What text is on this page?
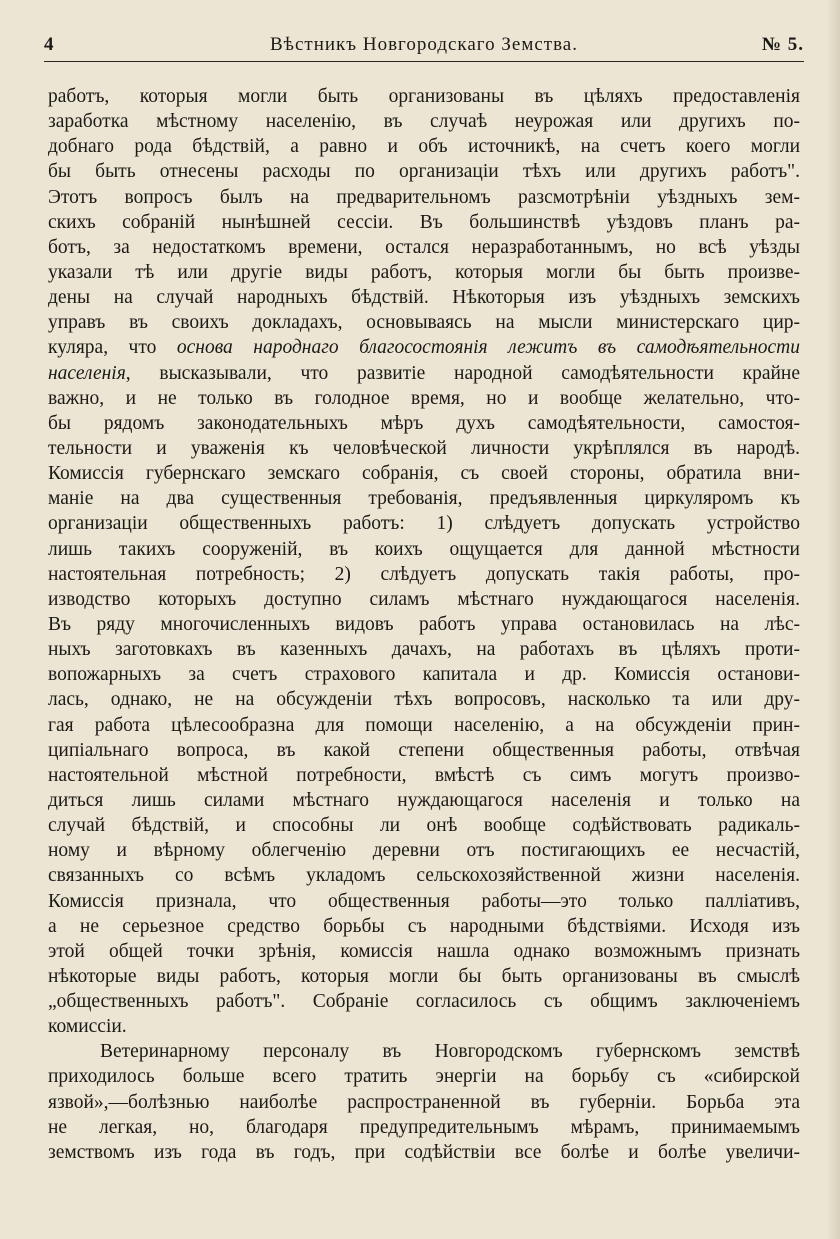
4	Вѣстникъ Новгородскаго Земства.	№ 5.
работъ, которыя могли быть организованы въ цѣляхъ предоставленія
заработка мѣстному населенію, въ случаѣ неурожая или другихъ по-
добнаго рода бѣдствій, а равно и объ источникѣ, на счетъ коего могли
бы быть отнесены расходы по организаціи тѣхъ или другихъ работъ".
Этотъ вопросъ былъ на предварительномъ разсмотрѣніи уѣздныхъ зем-
скихъ собраній нынѣшней сессіи. Въ большинствѣ уѣздовъ планъ ра-
ботъ, за недостаткомъ времени, остался неразработаннымъ, но всѣ уѣзды
указали тѣ или другіе виды работъ, которыя могли бы быть произве-
дены на случай народныхъ бѣдствій. Нѣкоторыя изъ уѣздныхъ земскихъ
управъ въ своихъ докладахъ, основываясь на мысли министерскаго цир-
куляра, что основа народнаго благосостоянія лежитъ въ самодѣятельности
населенія, высказывали, что развитіе народной самодѣятельности крайне
важно, и не только въ голодное время, но и вообще желательно, что-
бы рядомъ законодательныхъ мѣръ духъ самодѣятельности, самостоя-
тельности и уваженія къ человѣческой личности укрѣплялся въ народѣ.
Комиссія губернскаго земскаго собранія, съ своей стороны, обратила вни-
маніе на два существенныя требованія, предъявленныя циркуляромъ къ
организаціи общественныхъ работъ: 1) слѣдуетъ допускать устройство
лишь такихъ сооруженій, въ коихъ ощущается для данной мѣстности
настоятельная потребность; 2) слѣдуетъ допускать такія работы, про-
изводство которыхъ доступно силамъ мѣстнаго нуждающагося населенія.
Въ ряду многочисленныхъ видовъ работъ управа остановилась на лѣс-
ныхъ заготовкахъ въ казенныхъ дачахъ, на работахъ въ цѣляхъ проти-
вопожарныхъ за счетъ страхового капитала и др. Комиссія останови-
лась, однако, не на обсужденіи тѣхъ вопросовъ, насколько та или дру-
гая работа цѣлесообразна для помощи населенію, а на обсужденіи прин-
ципіальнаго вопроса, въ какой степени общественныя работы, отвѣчая
настоятельной мѣстной потребности, вмѣстѣ съ симъ могутъ произво-
диться лишь силами мѣстнаго нуждающагося населенія и только на
случай бѣдствій, и способны ли онѣ вообще содѣйствовать радикаль-
ному и вѣрному облегченію деревни отъ постигающихъ ее несчастій,
связанныхъ со всѣмъ укладомъ сельскохозяйственной жизни населенія.
Комиссія признала, что общественныя работы—это только палліативъ,
а не серьезное средство борьбы съ народными бѣдствіями. Исходя изъ
этой общей точки зрѣнія, комиссія нашла однако возможнымъ признать
нѣкоторые виды работъ, которыя могли бы быть организованы въ смыслѣ
„общественныхъ работъ". Собраніе согласилось съ общимъ заключеніемъ
комиссіи.
Ветеринарному персоналу въ Новгородскомъ губернскомъ земствѣ
приходилось больше всего тратить энергіи на борьбу съ «сибирской
язвой»,—болѣзнью наиболѣе распространенной въ губерніи. Борьба эта
не легкая, но, благодаря предупредительнымъ мѣрамъ, принимаемымъ
земствомъ изъ года въ годъ, при содѣйствіи все болѣе и болѣе увеличи-
